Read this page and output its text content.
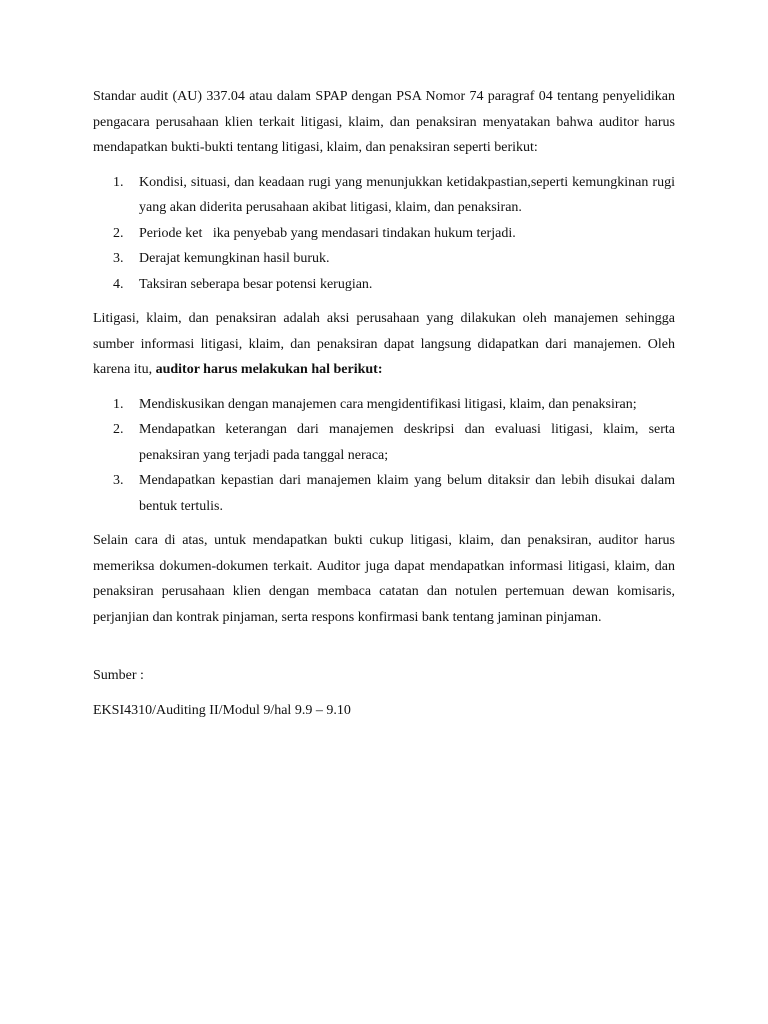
Standar audit (AU) 337.04 atau dalam SPAP dengan PSA Nomor 74 paragraf 04 tentang penyelidikan pengacara perusahaan klien terkait litigasi, klaim, dan penaksiran menyatakan bahwa auditor harus mendapatkan bukti-bukti tentang litigasi, klaim, dan penaksiran seperti berikut:

1. Kondisi, situasi, dan keadaan rugi yang menunjukkan ketidakpastian,seperti kemungkinan rugi yang akan diderita perusahaan akibat litigasi, klaim, dan penaksiran.
2. Periode ket   ika penyebab yang mendasari tindakan hukum terjadi.
3. Derajat kemungkinan hasil buruk.
4. Taksiran seberapa besar potensi kerugian.

Litigasi, klaim, dan penaksiran adalah aksi perusahaan yang dilakukan oleh manajemen sehingga sumber informasi litigasi, klaim, dan penaksiran dapat langsung didapatkan dari manajemen. Oleh karena itu, auditor harus melakukan hal berikut:

1. Mendiskusikan dengan manajemen cara mengidentifikasi litigasi, klaim, dan penaksiran;
2. Mendapatkan keterangan dari manajemen deskripsi dan evaluasi litigasi, klaim, serta penaksiran yang terjadi pada tanggal neraca;
3. Mendapatkan kepastian dari manajemen klaim yang belum ditaksir dan lebih disukai dalam bentuk tertulis.

Selain cara di atas, untuk mendapatkan bukti cukup litigasi, klaim, dan penaksiran, auditor harus memeriksa dokumen-dokumen terkait. Auditor juga dapat mendapatkan informasi litigasi, klaim, dan penaksiran perusahaan klien dengan membaca catatan dan notulen pertemuan dewan komisaris, perjanjian dan kontrak pinjaman, serta respons konfirmasi bank tentang jaminan pinjaman.

Sumber :

EKSI4310/Auditing II/Modul 9/hal 9.9 – 9.10
